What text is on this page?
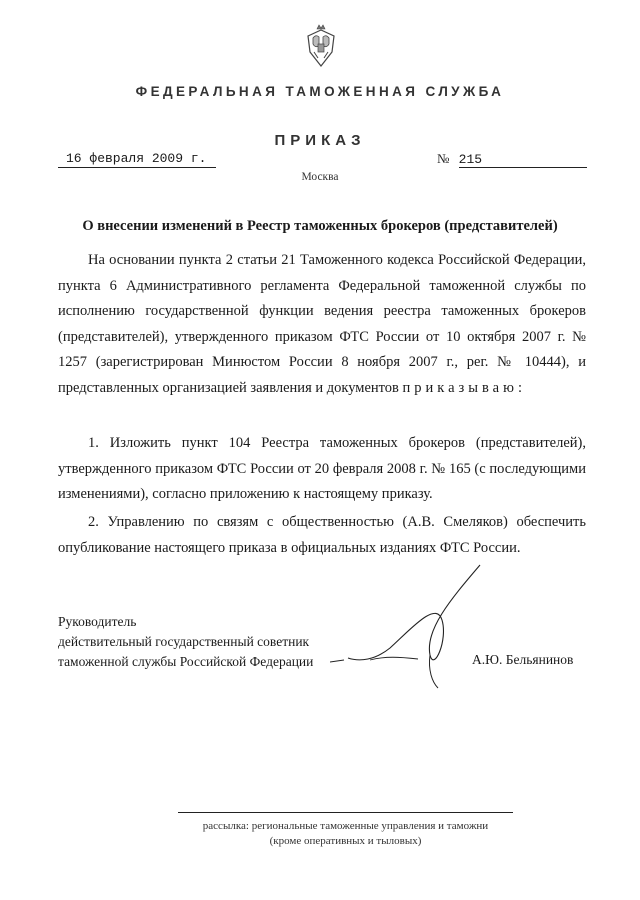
ФЕДЕРАЛЬНАЯ ТАМОЖЕННАЯ СЛУЖБА
ПРИКАЗ
16 февраля 2009 г.	№ 215
Москва
О внесении изменений в Реестр таможенных брокеров (представителей)

На основании пункта 2 статьи 21 Таможенного кодекса Российской Федерации, пункта 6 Административного регламента Федеральной таможенной службы по исполнению государственной функции ведения реестра таможенных брокеров (представителей), утвержденного приказом ФТС России от 10 октября 2007 г. № 1257 (зарегистрирован Минюстом России 8 ноября 2007 г., рег. № 10444), и представленных организацией заявления и документов приказываю:

1. Изложить пункт 104 Реестра таможенных брокеров (представителей), утвержденного приказом ФТС России от 20 февраля 2008 г. № 165 (с последующими изменениями), согласно приложению к настоящему приказу.

2. Управлению по связям с общественностью (А.В. Смеляков) обеспечить опубликование настоящего приказа в официальных изданиях ФТС России.

Руководитель
действительный государственный советник
таможенной службы Российской Федерации	А.Ю. Бельянинов
рассылка: региональные таможенные управления и таможни
(кроме оперативных и тыловых)
